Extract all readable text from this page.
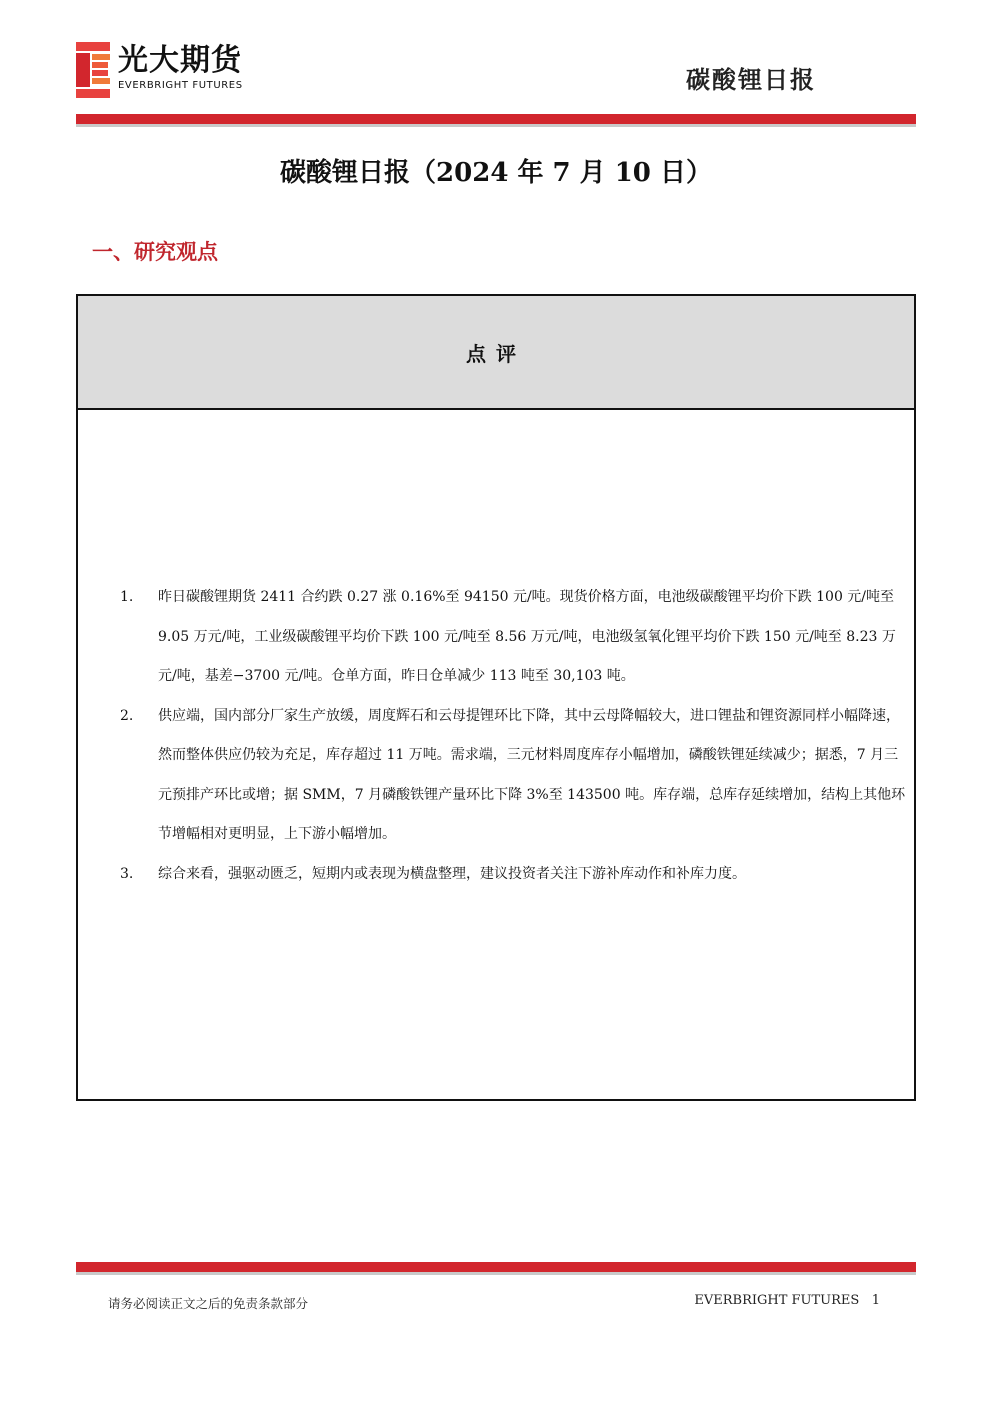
光大期货
EVERBRIGHT FUTURES	碳酸锂日报
碳酸锂日报（2024 年 7 月 10 日）
一、研究观点
点评
1. 昨日碳酸锂期货 2411 合约跌 0.27 涨 0.16%至 94150 元/吨。现货价格方面，电池级碳酸锂平均价下跌 100 元/吨至 9.05 万元/吨，工业级碳酸锂平均价下跌 100 元/吨至 8.56 万元/吨，电池级氢氧化锂平均价下跌 150 元/吨至 8.23 万元/吨，基差−3700 元/吨。仓单方面，昨日仓单减少 113 吨至 30,103 吨。
2. 供应端，国内部分厂家生产放缓，周度辉石和云母提锂环比下降，其中云母降幅较大，进口锂盐和锂资源同样小幅降速，然而整体供应仍较为充足，库存超过 11 万吨。需求端，三元材料周度库存小幅增加，磷酸铁锂延续减少；据悉，7 月三元预排产环比或增；据 SMM，7 月磷酸铁锂产量环比下降 3%至 143500 吨。库存端，总库存延续增加，结构上其他环节增幅相对更明显，上下游小幅增加。
3. 综合来看，强驱动匮乏，短期内或表现为横盘整理，建议投资者关注下游补库动作和补库力度。
请务必阅读正文之后的免责条款部分	EVERBRIGHT FUTURES 1
